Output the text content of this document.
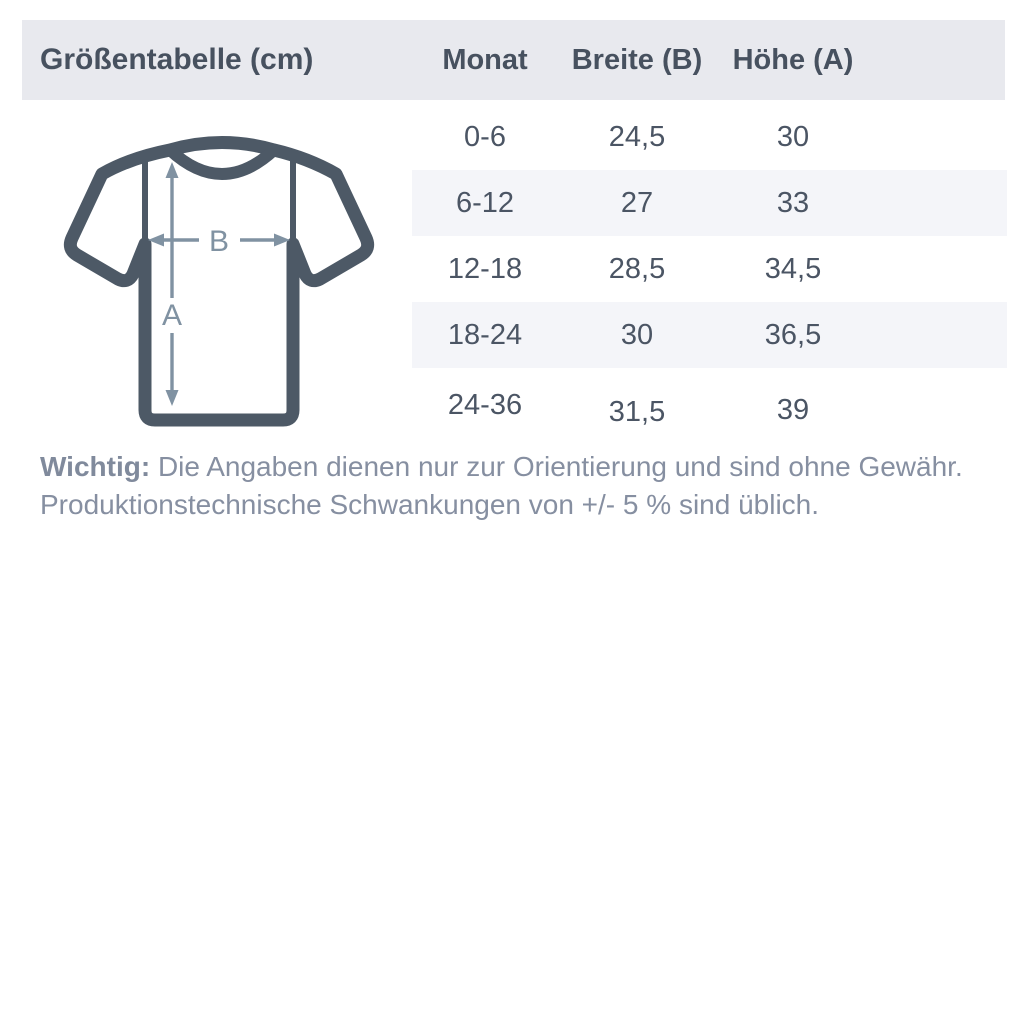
Größentabelle (cm)	Monat	Breite (B)	Höhe (A)
A
B
0-6	24,5	30
6-12	27	33
12-18	28,5	34,5
18-24	30	36,5
24-36	31,5	39
Wichtig: Die Angaben dienen nur zur Orientierung und sind ohne Gewähr.
Produktionstechnische Schwankungen von +/- 5 % sind üblich.
